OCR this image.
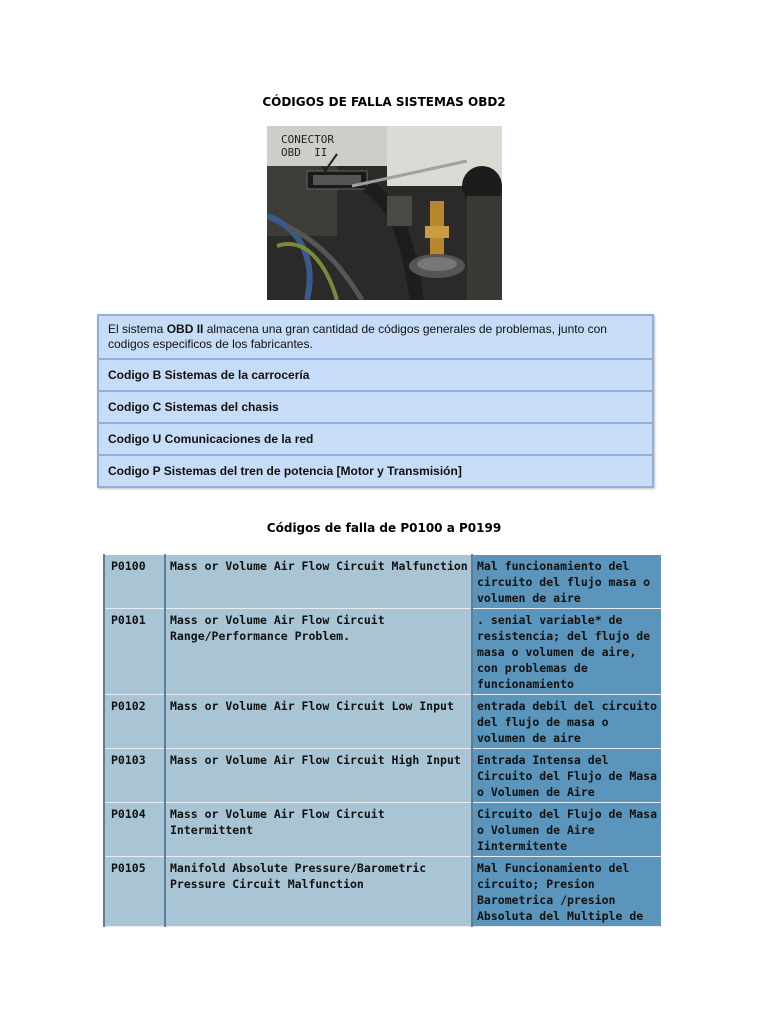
CÓDIGOS DE FALLA SISTEMAS OBD2
CONECTOR
OBD  II
El sistema OBD II almacena una gran cantidad de códigos generales de problemas, junto con codigos especificos de los fabricantes.
Codigo B Sistemas de la carrocería
Codigo C Sistemas del chasis
Codigo U Comunicaciones de la red
Codigo P Sistemas del tren de potencia [Motor y Transmisión]
Códigos de falla de P0100 a P0199
P0100	Mass or Volume Air Flow Circuit Malfunction	Mal funcionamiento del circuito del flujo masa o volumen de aire
P0101	Mass or Volume Air Flow Circuit Range/Performance Problem.	. senial variable* de resistencia; del flujo de masa o volumen de aire, con problemas de funcionamiento
P0102	Mass or Volume Air Flow Circuit Low Input	entrada debil del circuito del flujo de masa o volumen de aire
P0103	Mass or Volume Air Flow Circuit High Input	Entrada Intensa del Circuito del Flujo de Masa o Volumen de Aire
P0104	Mass or Volume Air Flow Circuit Intermittent	Circuito del Flujo de Masa o Volumen de Aire Iintermitente
P0105	Manifold Absolute Pressure/Barometric Pressure Circuit Malfunction	Mal Funcionamiento del circuito; Presion Barometrica /presion Absoluta del Multiple de
